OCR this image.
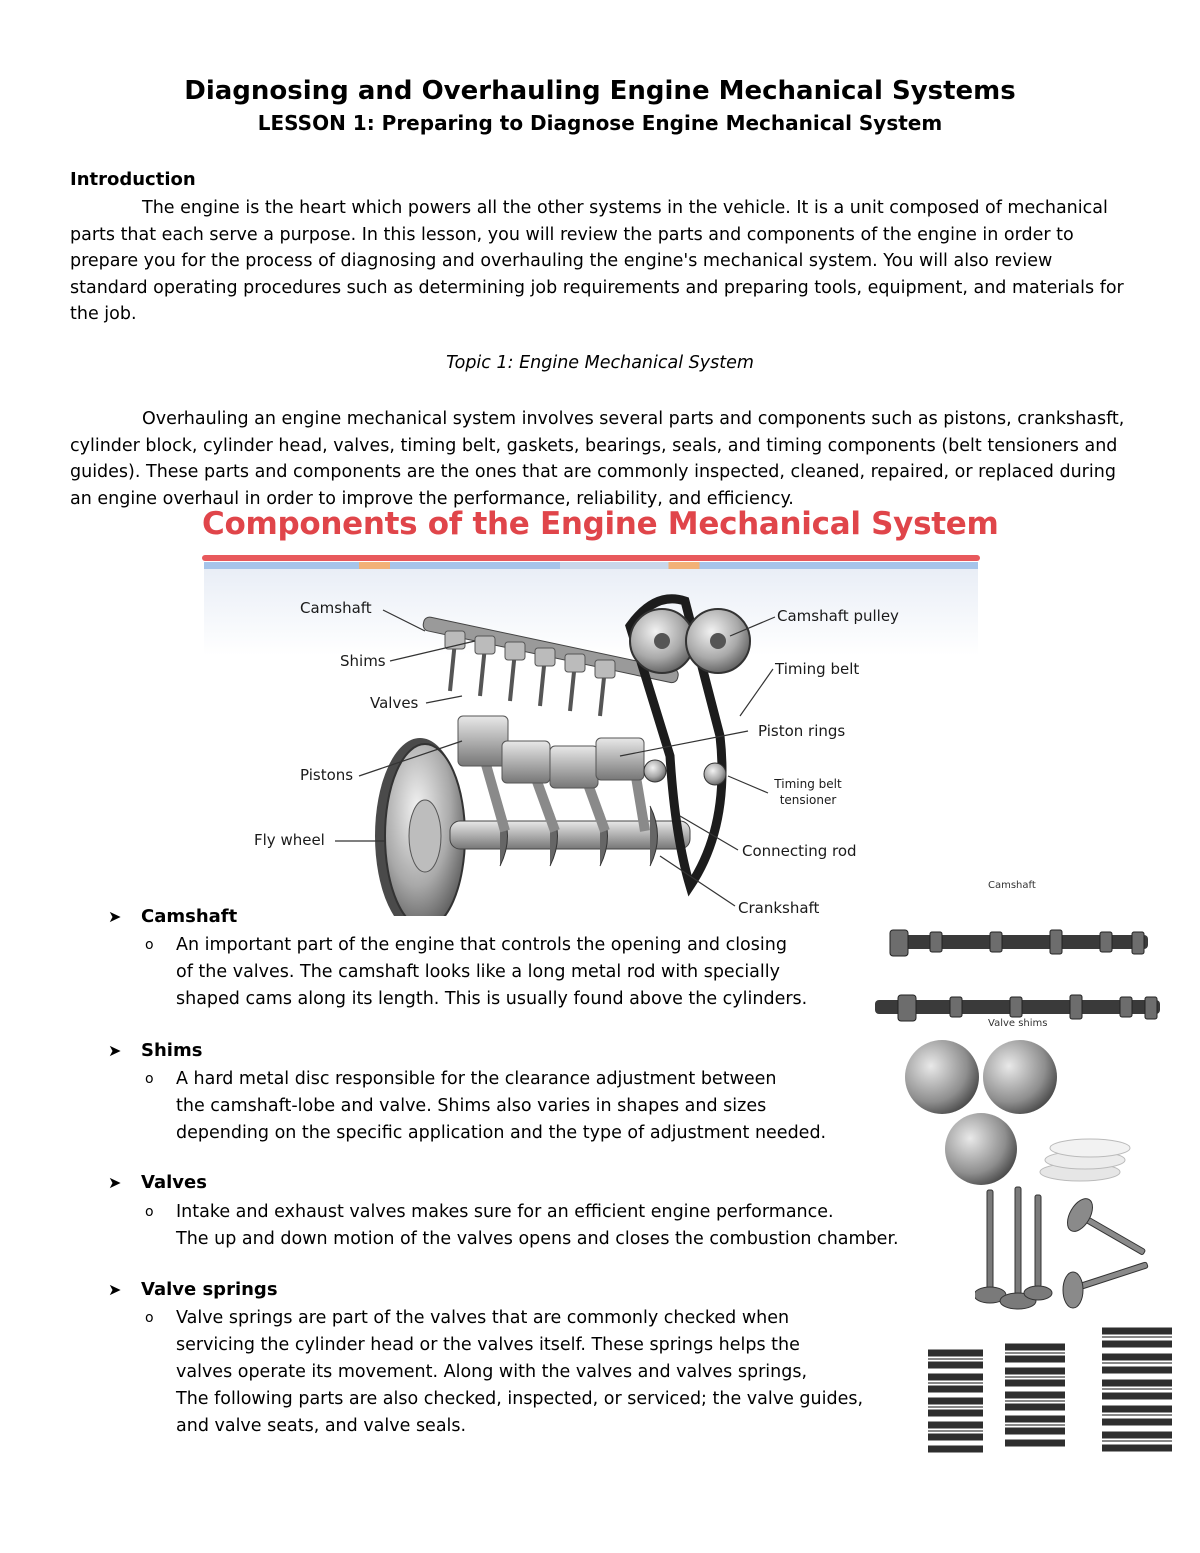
Diagnosing and Overhauling Engine Mechanical Systems
LESSON 1: Preparing to Diagnose Engine Mechanical System
Introduction
The engine is the heart which powers all the other systems in the vehicle. It is a unit composed of mechanical parts that each serve a purpose. In this lesson, you will review the parts and components of the engine in order to prepare you for the process of diagnosing and overhauling the engine's mechanical system. You will also review standard operating procedures such as determining job requirements and preparing tools, equipment, and materials for the job.
Topic 1: Engine Mechanical System
Overhauling an engine mechanical system involves several parts and components such as pistons, crankshasft, cylinder block, cylinder head, valves, timing belt, gaskets, bearings, seals, and timing components (belt tensioners and guides). These parts and components are the ones that are commonly inspected, cleaned, repaired, or replaced during an engine overhaul in order to improve the performance, reliability, and efficiency.
Components of the Engine Mechanical System
Camshaft
Shims
Valves
Pistons
Fly wheel
Camshaft pulley
Timing belt
Piston rings
Timing belt
tensioner
Connecting rod
Crankshaft
➤ Camshaft
o An important part of the engine that controls the opening and closing
of the valves. The camshaft looks like a long metal rod with specially
shaped cams along its length. This is usually found above the cylinders.
➤ Shims
o A hard metal disc responsible for the clearance adjustment between
the camshaft-lobe and valve. Shims also varies in shapes and sizes
depending on the specific application and the type of adjustment needed.
➤ Valves
o Intake and exhaust valves makes sure for an efficient engine performance.
The up and down motion of the valves opens and closes the combustion chamber.
➤ Valve springs
o Valve springs are part of the valves that are commonly checked when
servicing the cylinder head or the valves itself. These springs helps the
valves operate its movement. Along with the valves and valves springs,
The following parts are also checked, inspected, or serviced; the valve guides,
and valve seats, and valve seals.
Camshaft
Valve shims
